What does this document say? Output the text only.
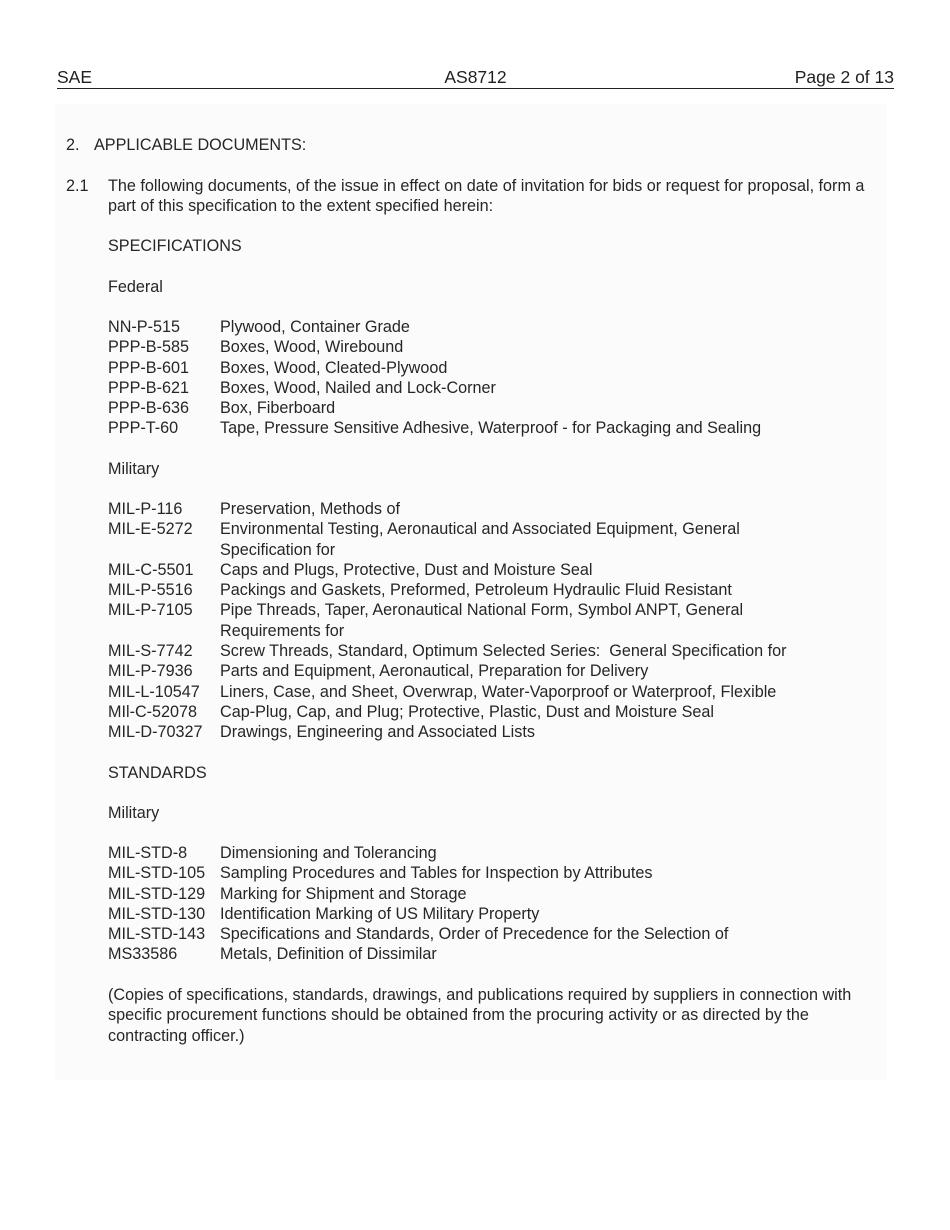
SAE	AS8712	Page 2 of 13
2. APPLICABLE DOCUMENTS:
2.1 The following documents, of the issue in effect on date of invitation for bids or request for proposal, form a part of this specification to the extent specified herein:
SPECIFICATIONS
Federal
NN-P-515	Plywood, Container Grade
PPP-B-585	Boxes, Wood, Wirebound
PPP-B-601	Boxes, Wood, Cleated-Plywood
PPP-B-621	Boxes, Wood, Nailed and Lock-Corner
PPP-B-636	Box, Fiberboard
PPP-T-60	Tape, Pressure Sensitive Adhesive, Waterproof - for Packaging and Sealing
Military
MIL-P-116	Preservation, Methods of
MIL-E-5272	Environmental Testing, Aeronautical and Associated Equipment, General Specification for
MIL-C-5501	Caps and Plugs, Protective, Dust and Moisture Seal
MIL-P-5516	Packings and Gaskets, Preformed, Petroleum Hydraulic Fluid Resistant
MIL-P-7105	Pipe Threads, Taper, Aeronautical National Form, Symbol ANPT, General Requirements for
MIL-S-7742	Screw Threads, Standard, Optimum Selected Series:  General Specification for
MIL-P-7936	Parts and Equipment, Aeronautical, Preparation for Delivery
MIL-L-10547	Liners, Case, and Sheet, Overwrap, Water-Vaporproof or Waterproof, Flexible
MIl-C-52078	Cap-Plug, Cap, and Plug; Protective, Plastic, Dust and Moisture Seal
MIL-D-70327	Drawings, Engineering and Associated Lists
STANDARDS
Military
MIL-STD-8	Dimensioning and Tolerancing
MIL-STD-105 Sampling Procedures and Tables for Inspection by Attributes
MIL-STD-129 Marking for Shipment and Storage
MIL-STD-130 Identification Marking of US Military Property
MIL-STD-143 Specifications and Standards, Order of Precedence for the Selection of
MS33586	Metals, Definition of Dissimilar
(Copies of specifications, standards, drawings, and publications required by suppliers in connection with specific procurement functions should be obtained from the procuring activity or as directed by the contracting officer.)
